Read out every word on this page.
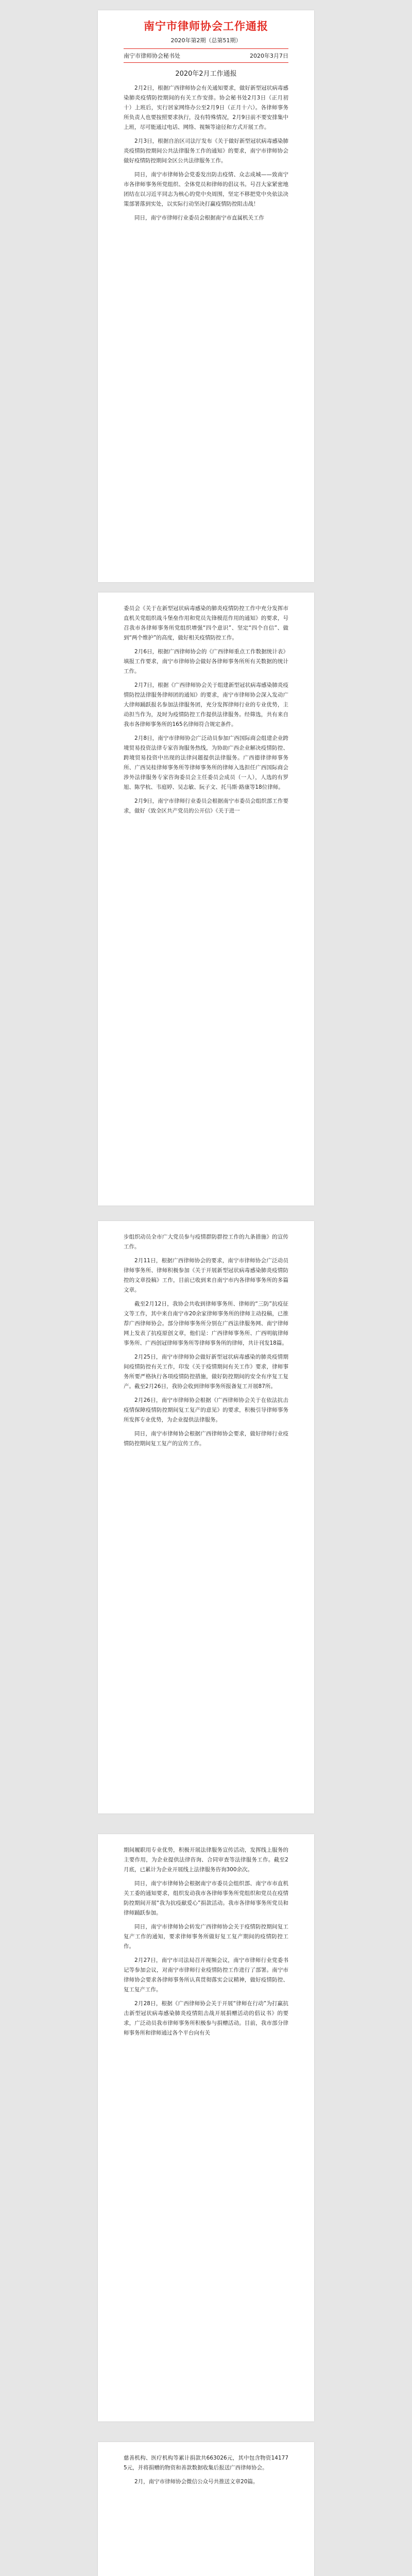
南宁市律师协会工作通报
2020年第2期（总第51期）
南宁市律师协会秘书处	2020年3月7日
2020年2月工作通报

2月2日，根据广西律师协会有关通知要求，做好新型冠状病毒感染肺炎疫情防控期间的有关工作安排。协会秘书处2月3日（正月初十）上班后，实行居家网络办公至2月9日（正月十六）。各律师事务所负责人也要按照要求执行，没有特殊情况，2月9日前不要安排集中上班，尽可能通过电话、网络、视频等途径和方式开展工作。

2月3日，根据自治区司法厅发布《关于做好新型冠状病毒感染肺炎疫情防控期间公共法律服务工作的通知》的要求，南宁市律师协会做好疫情防控期间全区公共法律服务工作。

同日，南宁市律师协会党委发出防击疫情、众志成城——致南宁市各律师事务所党组织、全体党员和律师的倡议书。号召大家紧密地团结在以习近平同志为核心的党中央周围，坚定不移把党中央依法决策部署落到实处，以实际行动坚决打赢疫情防控阻击战！

同日，南宁市律师行业委员会根据南宁市直属机关工作

委员会《关于在新型冠状病毒感染的肺炎疫情防控工作中充分发挥市直机关党组织战斗堡垒作用和党员先锋模范作用的通知》的要求，号召我市各律师事务所党组织增强“四个意识”、坚定“四个自信”、做到“两个维护”的高度，做好相关疫情防控工作。

2月6日，根据广西律师协会的《广西律师重点工作数据统计表》填报工作要求，南宁市律师协会做好各律师事务所所有关数据的统计工作。

2月7日，根据《广西律师协会关于组建新型冠状病毒感染肺炎疫情防控法律服务律师团的通知》的要求，南宁市律师协会深入发动广大律师踊跃报名参加法律服务团，充分发挥律师行业的专业优势，主动担当作为，及时为疫情防控工作提供法律服务。经筛选，共有来自我市各律师事务所的165名律师符合规定条件。

2月8日，南宁市律师协会广泛动员参加广西国际商会组建企业跨境贸易投资法律专家咨询服务热线，为协助广西企业解决疫情防控、跨境贸易投资中出现的法律问题提供法律服务。广西德律律师事务所、广西吴桂律师事务所等律师事务所的律师入选担任广西国际商会涉外法律服务专家咨询委员会主任委员会成员（一人），人选的有罗旭、陈学杭、韦庭婷、吴志敏、阮子文、托马斯·路康等18位律师。

2月9日，南宁市律师行业委员会根据南宁市委员会组织部工作要求，做好《致全区共产党员的公开信》《关于进一

步组织动员全市广大党员参与疫情群防群控工作的九条措施》的宣传工作。

2月11日，根据广西律师协会的要求，南宁市律师协会广泛动员律师事务所、律师积极参加《关于开展新型冠状病毒感染肺炎疫情防控的文章投稿》工作，目前已收到来自南宁市内各律师事务所的多篇文章。

截至2月12日，我协会共收到律师事务所、律师的“三防”抗疫征文等工作，其中来自南宁市20余家律师事务所的律师主动投稿，已推荐广西律师协会。部分律师事务所分别在广西法律服务网、南宁律师网上发表了抗疫原创文章，他们是：广西律师事务所、广西明航律师事务所、广西创冠律师事务所等律师事务所的律师，共计刊发18篇。

2月25日，南宁市律师协会做好新型冠状病毒感染的肺炎疫情期间疫情防控有关工作，印发《关于疫情期间有关工作》要求，律师事务所要严格执行各项疫情防控措施，做好防控期间的安全有序复工复产。截至2月26日，我协会收到律师事务所报备复工开展87所。

2月26日，南宁市律师协会根据《广西律师协会关于在依法抗击疫情保障疫情防控期间复工复产的意见》的要求，积极引导律师事务所发挥专业优势，为企业提供法律服务。

同日，南宁市律师协会根据广西律师协会要求，做好律师行业疫情防控期间复工复产的宣传工作。

期间履职用专业优势，积极开展法律服务宣传活动，发挥线上服务的主要作用，为企业提供法律咨询、合同审查等法律服务工作。截至2月底，已累计为企业开展线上法律服务咨询300余次。

同日，南宁市律师协会根据南宁市委员会组织部、南宁市市直机关工委的通知要求，组织发动我市各律师事务所党组织和党员在疫情防控期间开展“我为抗疫献爱心”捐款活动。我市各律师事务所党员和律师踊跃参加。

同日，南宁市律师协会转发广西律师协会关于疫情防控期间复工复产工作的通知，要求律师事务所做好复工复产期间的疫情防控工作。

2月27日，南宁市司法局召开视频会议，南宁市律师行业党委书记等参加会议，对南宁市律师行业疫情防控工作进行了部署。南宁市律师协会要求各律师事务所认真贯彻落实会议精神，做好疫情防控、复工复产工作。

2月28日，根据《广西律师协会关于开展“律师在行动”为打赢抗击新型冠状病毒感染肺炎疫情阻击战开展捐赠活动的倡议书》的要求，广泛动员我市律师事务所积极参与捐赠活动。目前，我市部分律师事务所和律师通过各个平台向有关

慈善机构、医疗机构等累计捐款共663026元，其中包含物资141775元，并将捐赠的物资和善款数据收集后报送广西律师协会。

2月，南宁市律师协会微信公众号共推送文章20篇。
